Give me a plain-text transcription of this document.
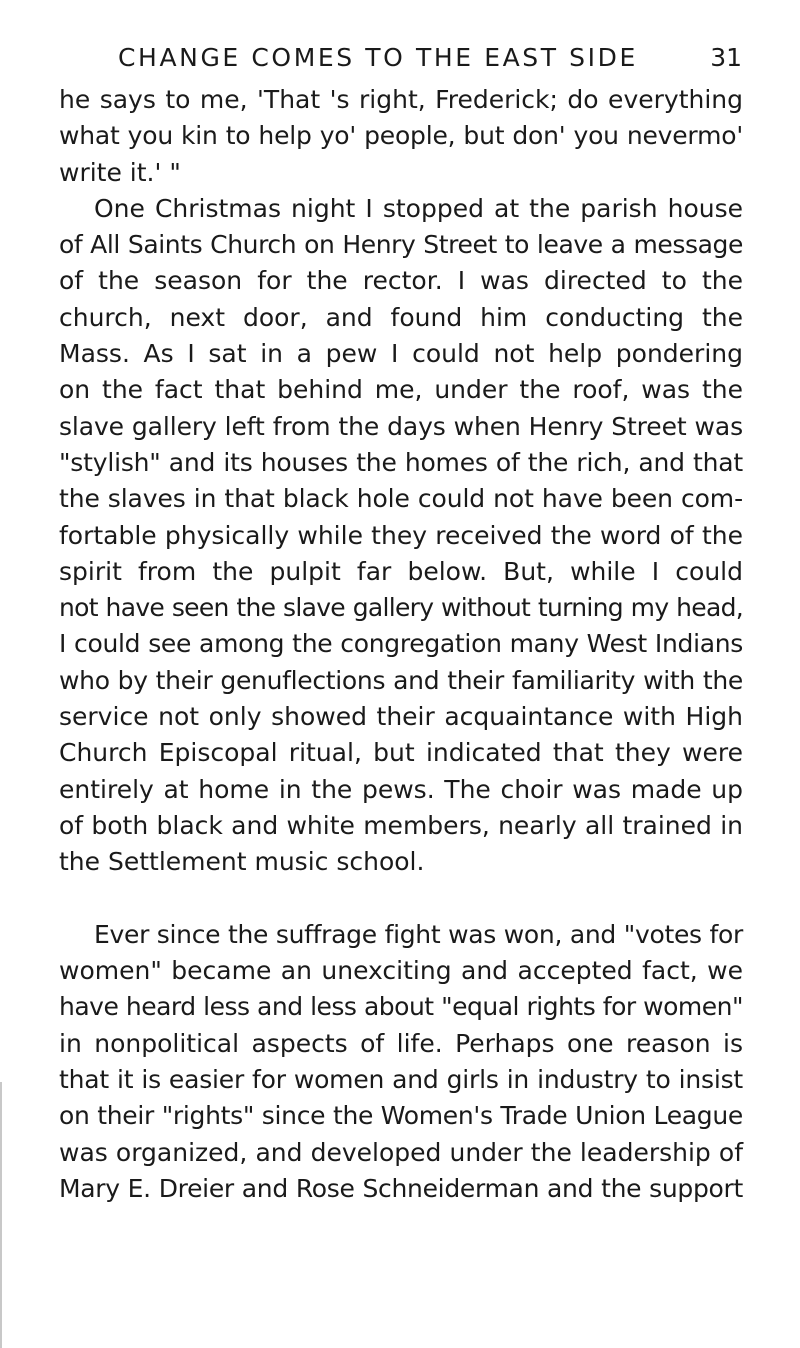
CHANGE COMES TO THE EAST SIDE	31
he says to me, 'That 's right, Frederick; do everything
what you kin to help yo' people, but don' you nevermo'
write it.' "
One Christmas night I stopped at the parish house
of All Saints Church on Henry Street to leave a message
of the season for the rector. I was directed to the
church, next door, and found him conducting the
Mass. As I sat in a pew I could not help pondering
on the fact that behind me, under the roof, was the
slave gallery left from the days when Henry Street was
"stylish" and its houses the homes of the rich, and that
the slaves in that black hole could not have been com-
fortable physically while they received the word of the
spirit from the pulpit far below. But, while I could
not have seen the slave gallery without turning my head,
I could see among the congregation many West Indians
who by their genuflections and their familiarity with the
service not only showed their acquaintance with High
Church Episcopal ritual, but indicated that they were
entirely at home in the pews. The choir was made up
of both black and white members, nearly all trained in
the Settlement music school.
Ever since the suffrage fight was won, and "votes for
women" became an unexciting and accepted fact, we
have heard less and less about "equal rights for women"
in nonpolitical aspects of life. Perhaps one reason is
that it is easier for women and girls in industry to insist
on their "rights" since the Women's Trade Union League
was organized, and developed under the leadership of
Mary E. Dreier and Rose Schneiderman and the support
